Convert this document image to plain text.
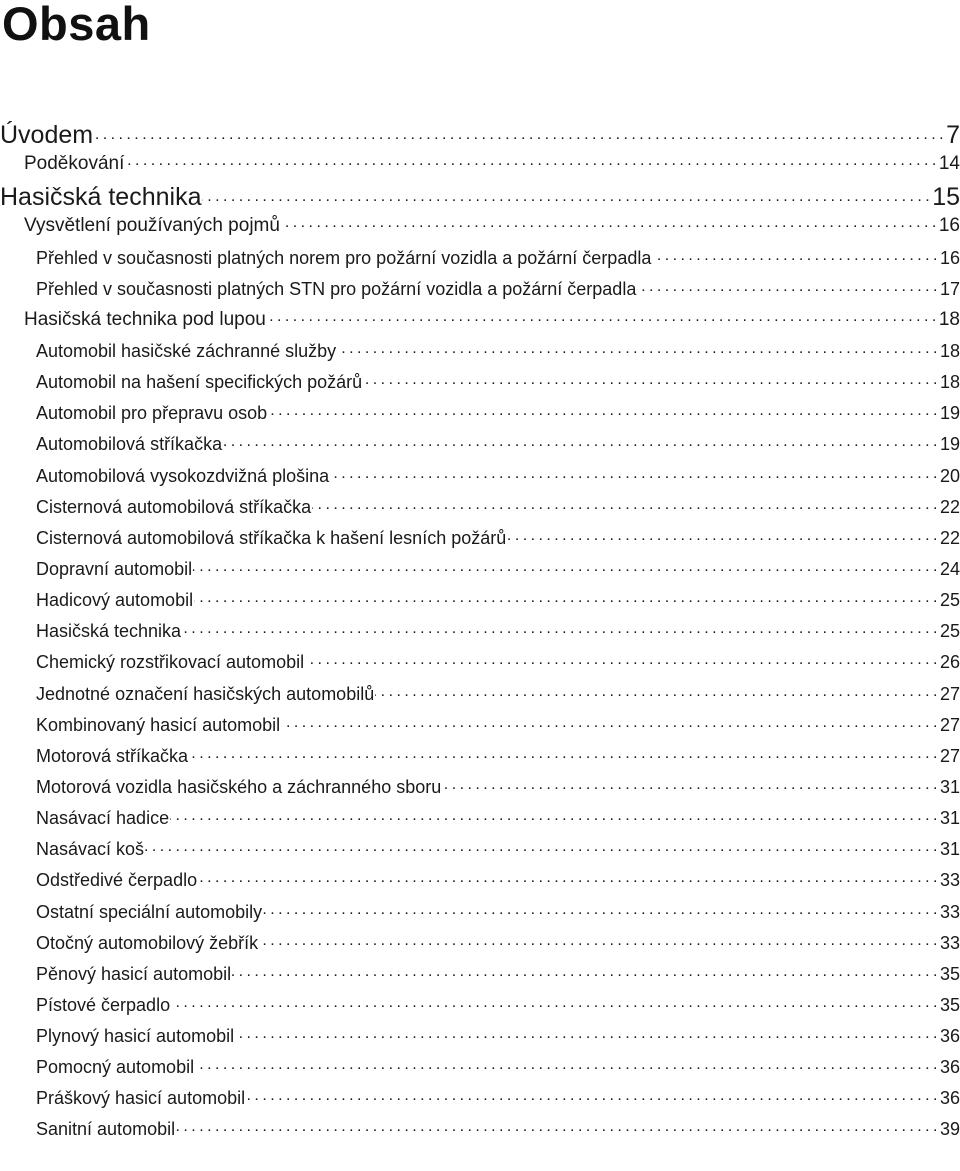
Obsah
Úvodem . . .	7
Poděkování . . .	14
Hasičská technika . . .	15
Vysvětlení používaných pojmů . . .	16
Přehled v současnosti platných norem pro požární vozidla a požární čerpadla . . .	16
Přehled v současnosti platných STN pro požární vozidla a požární čerpadla . . .	17
Hasičská technika pod lupou . . .	18
Automobil hasičské záchranné služby . . .	18
Automobil na hašení specifických požárů . . .	18
Automobil pro přepravu osob . . .	19
Automobilová stříkačka . . .	19
Automobilová vysokozdvižná plošina . . .	20
Cisternová automobilová stříkačka . . .	22
Cisternová automobilová stříkačka k hašení lesních požárů . . .	22
Dopravní automobil . . .	24
Hadicový automobil . . .	25
Hasičská technika . . .	25
Chemický rozstřikovací automobil . . .	26
Jednotné označení hasičských automobilů . . .	27
Kombinovaný hasicí automobil . . .	27
Motorová stříkačka . . .	27
Motorová vozidla hasičského a záchranného sboru . . .	31
Nasávací hadice . . .	31
Nasávací koš . . .	31
Odstředivé čerpadlo . . .	33
Ostatní speciální automobily . . .	33
Otočný automobilový žebřík . . .	33
Pěnový hasicí automobil . . .	35
Pístové čerpadlo . . .	35
Plynový hasicí automobil . . .	36
Pomocný automobil . . .	36
Práškový hasicí automobil . . .	36
Sanitní automobil . . .	39
